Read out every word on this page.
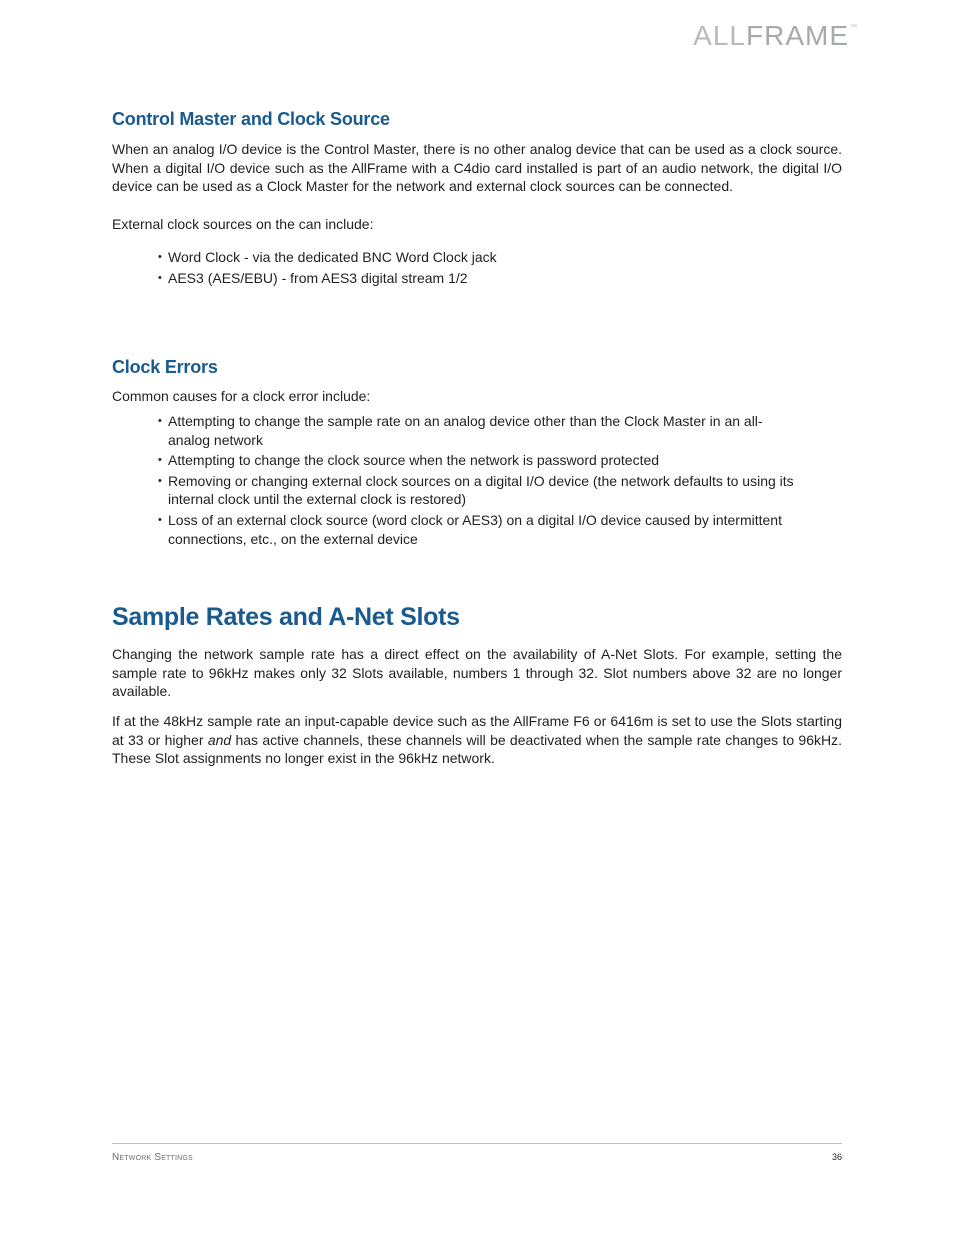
ALLFRAME™
Control Master and Clock Source

When an analog I/O device is the Control Master, there is no other analog device that can be used as a clock source. When a digital I/O device such as the AllFrame with a C4dio card installed is part of an audio network, the digital I/O device can be used as a Clock Master for the network and external clock sources can be connected.

External clock sources on the can include:

• Word Clock - via the dedicated BNC Word Clock jack
• AES3 (AES/EBU) - from AES3 digital stream 1/2
Clock Errors

Common causes for a clock error include:

• Attempting to change the sample rate on an analog device other than the Clock Master in an all-analog network
• Attempting to change the clock source when the network is password protected
• Removing or changing external clock sources on a digital I/O device (the network defaults to using its internal clock until the external clock is restored)
• Loss of an external clock source (word clock or AES3) on a digital I/O device caused by intermittent connections, etc., on the external device
Sample Rates and A-Net Slots

Changing the network sample rate has a direct effect on the availability of A-Net Slots. For example, setting the sample rate to 96kHz makes only 32 Slots available, numbers 1 through 32. Slot numbers above 32 are no longer available.

If at the 48kHz sample rate an input-capable device such as the AllFrame F6 or 6416m is set to use the Slots starting at 33 or higher and has active channels, these channels will be deactivated when the sample rate changes to 96kHz. These Slot assignments no longer exist in the 96kHz network.

Network Settings	36
